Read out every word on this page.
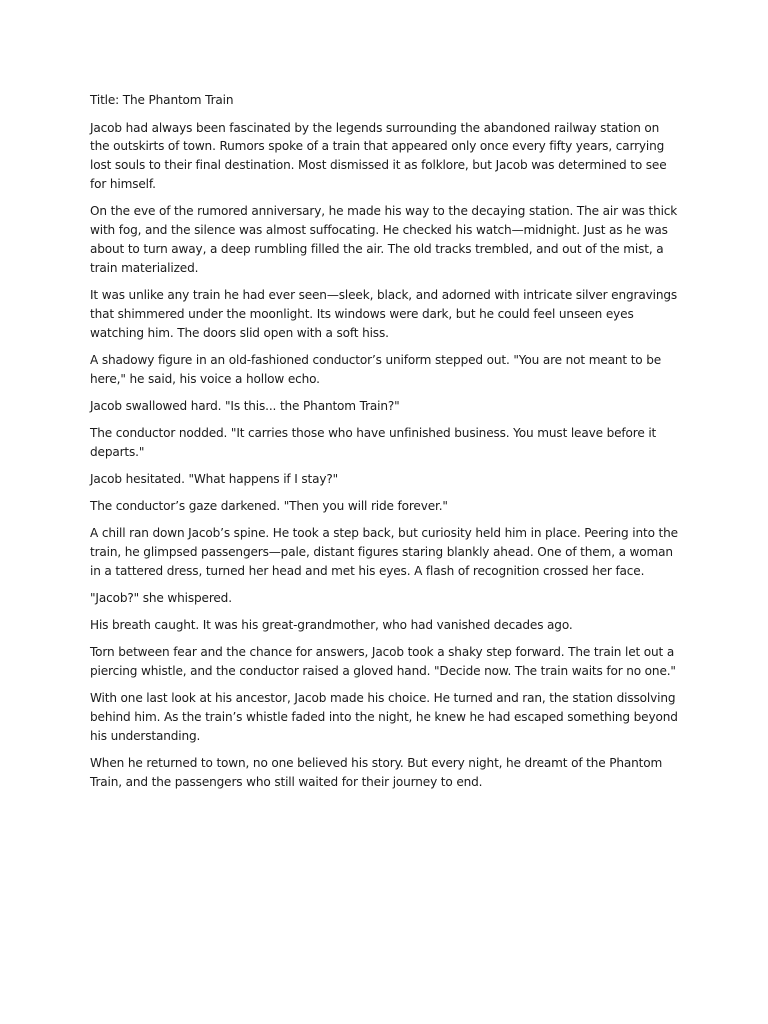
Title: The Phantom Train

Jacob had always been fascinated by the legends surrounding the abandoned railway station on the outskirts of town. Rumors spoke of a train that appeared only once every fifty years, carrying lost souls to their final destination. Most dismissed it as folklore, but Jacob was determined to see for himself.

On the eve of the rumored anniversary, he made his way to the decaying station. The air was thick with fog, and the silence was almost suffocating. He checked his watch—midnight. Just as he was about to turn away, a deep rumbling filled the air. The old tracks trembled, and out of the mist, a train materialized.

It was unlike any train he had ever seen—sleek, black, and adorned with intricate silver engravings that shimmered under the moonlight. Its windows were dark, but he could feel unseen eyes watching him. The doors slid open with a soft hiss.

A shadowy figure in an old-fashioned conductor’s uniform stepped out. "You are not meant to be here," he said, his voice a hollow echo.

Jacob swallowed hard. "Is this... the Phantom Train?"

The conductor nodded. "It carries those who have unfinished business. You must leave before it departs."

Jacob hesitated. "What happens if I stay?"

The conductor’s gaze darkened. "Then you will ride forever."

A chill ran down Jacob’s spine. He took a step back, but curiosity held him in place. Peering into the train, he glimpsed passengers—pale, distant figures staring blankly ahead. One of them, a woman in a tattered dress, turned her head and met his eyes. A flash of recognition crossed her face.

"Jacob?" she whispered.

His breath caught. It was his great-grandmother, who had vanished decades ago.

Torn between fear and the chance for answers, Jacob took a shaky step forward. The train let out a piercing whistle, and the conductor raised a gloved hand. "Decide now. The train waits for no one."

With one last look at his ancestor, Jacob made his choice. He turned and ran, the station dissolving behind him. As the train’s whistle faded into the night, he knew he had escaped something beyond his understanding.

When he returned to town, no one believed his story. But every night, he dreamt of the Phantom Train, and the passengers who still waited for their journey to end.
